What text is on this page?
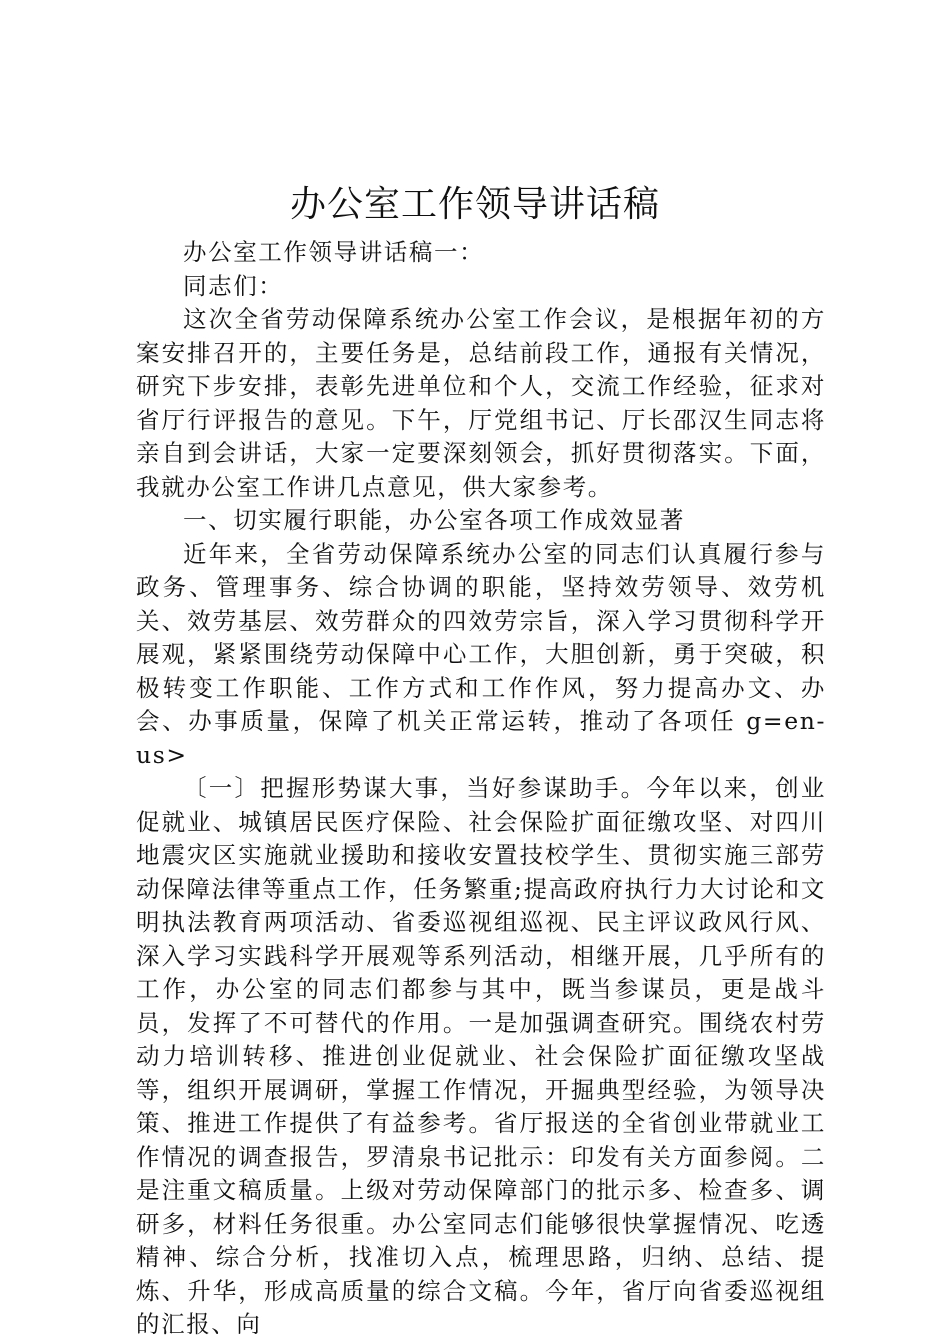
办公室工作领导讲话稿

办公室工作领导讲话稿一：

同志们：

这次全省劳动保障系统办公室工作会议，是根据年初的方案安排召开的，主要任务是，总结前段工作，通报有关情况，研究下步安排，表彰先进单位和个人，交流工作经验，征求对省厅行评报告的意见。下午，厅党组书记、厅长邵汉生同志将亲自到会讲话，大家一定要深刻领会，抓好贯彻落实。下面，我就办公室工作讲几点意见，供大家参考。

一、切实履行职能，办公室各项工作成效显著

近年来，全省劳动保障系统办公室的同志们认真履行参与政务、管理事务、综合协调的职能，坚持效劳领导、效劳机关、效劳基层、效劳群众的四效劳宗旨，深入学习贯彻科学开展观，紧紧围绕劳动保障中心工作，大胆创新，勇于突破，积极转变工作职能、工作方式和工作作风，努力提高办文、办会、办事质量，保障了机关正常运转，推动了各项任 g=en-us>

〔一〕把握形势谋大事，当好参谋助手。今年以来，创业促就业、城镇居民医疗保险、社会保险扩面征缴攻坚、对四川地震灾区实施就业援助和接收安置技校学生、贯彻实施三部劳动保障法律等重点工作，任务繁重;提高政府执行力大讨论和文明执法教育两项活动、省委巡视组巡视、民主评议政风行风、深入学习实践科学开展观等系列活动，相继开展，几乎所有的工作，办公室的同志们都参与其中，既当参谋员，更是战斗员，发挥了不可替代的作用。一是加强调查研究。围绕农村劳动力培训转移、推进创业促就业、社会保险扩面征缴攻坚战等，组织开展调研，掌握工作情况，开掘典型经验，为领导决策、推进工作提供了有益参考。省厅报送的全省创业带就业工作情况的调查报告，罗清泉书记批示：印发有关方面参阅。二是注重文稿质量。上级对劳动保障部门的批示多、检查多、调研多，材料任务很重。办公室同志们能够很快掌握情况、吃透精神、综合分析，找准切入点，梳理思路，归纳、总结、提炼、升华，形成高质量的综合文稿。今年，省厅向省委巡视组的汇报、向
